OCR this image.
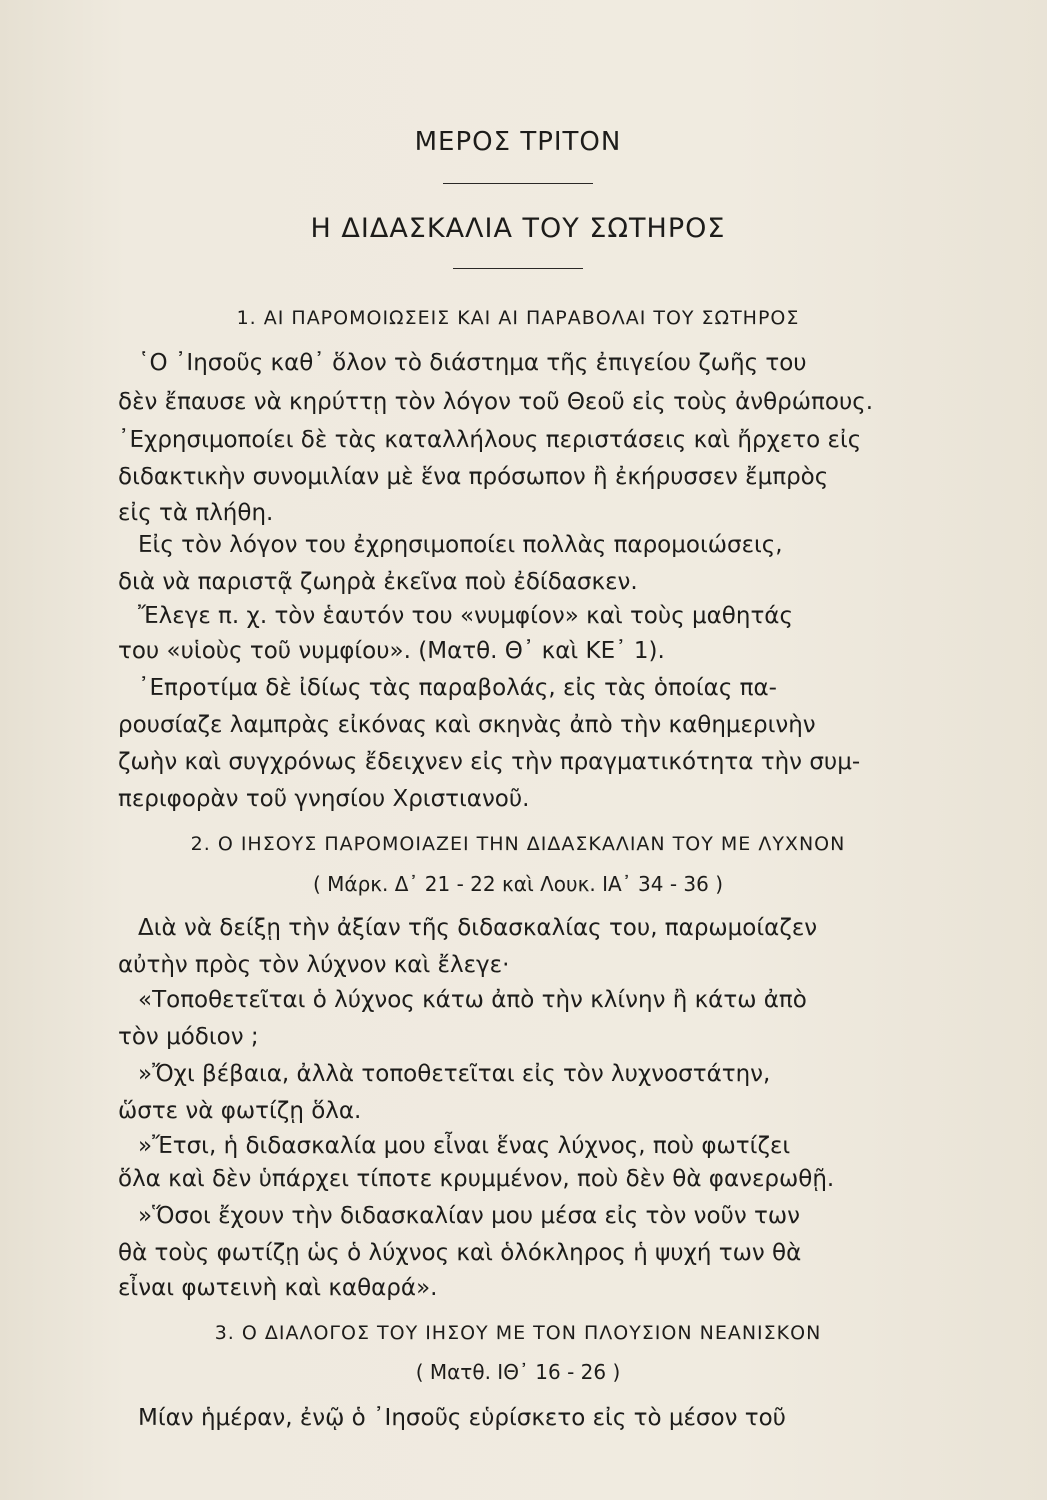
ΜΕΡΟΣ ΤΡΙΤΟΝ
Η ΔΙΔΑΣΚΑΛΙΑ ΤΟΥ ΣΩΤΗΡΟΣ
1. ΑΙ ΠΑΡΟΜΟΙΩΣΕΙΣ ΚΑΙ ΑΙ ΠΑΡΑΒΟΛΑΙ ΤΟΥ ΣΩΤΗΡΟΣ
῾Ο ᾽Ιησοῦς καθ᾽ ὅλον τὸ διάστημα τῆς ἐπιγείου ζωῆς του
δὲν ἔπαυσε νὰ κηρύττῃ τὸν λόγον τοῦ Θεοῦ εἰς τοὺς ἀνθρώπους.
᾽Εχρησιμοποίει δὲ τὰς καταλλήλους περιστάσεις καὶ ἤρχετο εἰς
διδακτικὴν συνομιλίαν μὲ ἕνα πρόσωπον ἢ ἐκήρυσσεν ἔμπρὸς
εἰς τὰ πλήθη.
Εἰς τὸν λόγον του ἐχρησιμοποίει πολλὰς παρομοιώσεις,
διὰ νὰ παριστᾷ ζωηρὰ ἐκεῖνα ποὺ ἐδίδασκεν.
Ἔλεγε π. χ. τὸν ἑαυτόν του «νυμφίον» καὶ τοὺς μαθητάς
του «υἱοὺς τοῦ νυμφίου». (Ματθ. Θ᾽ καὶ ΚΕ᾽ 1).
᾽Επροτίμα δὲ ἰδίως τὰς παραβολάς, εἰς τὰς ὁποίας πα-
ρουσίαζε λαμπρὰς εἰκόνας καὶ σκηνὰς ἀπὸ τὴν καθημερινὴν
ζωὴν καὶ συγχρόνως ἔδειχνεν εἰς τὴν πραγματικότητα τὴν συμ-
περιφορὰν τοῦ γνησίου Χριστιανοῦ.
2. Ο ΙΗΣΟΥΣ ΠΑΡΟΜΟΙΑΖΕΙ ΤΗΝ ΔΙΔΑΣΚΑΛΙΑΝ ΤΟΥ ΜΕ ΛΥΧΝΟΝ
( Μάρκ. Δ᾽ 21 - 22 καὶ Λουκ. ΙΑ᾽ 34 - 36 )
Διὰ νὰ δείξῃ τὴν ἀξίαν τῆς διδασκαλίας του, παρωμοίαζεν
αὐτὴν πρὸς τὸν λύχνον καὶ ἔλεγε·
«Τοποθετεῖται ὁ λύχνος κάτω ἀπὸ τὴν κλίνην ἢ κάτω ἀπὸ
τὸν μόδιον ;
»Ὄχι βέβαια, ἀλλὰ τοποθετεῖται εἰς τὸν λυχνοστάτην,
ὥστε νὰ φωτίζῃ ὅλα.
»Ἔτσι, ἡ διδασκαλία μου εἶναι ἕνας λύχνος, ποὺ φωτίζει
ὅλα καὶ δὲν ὑπάρχει τίποτε κρυμμένον, ποὺ δὲν θὰ φανερωθῇ.
»Ὅσοι ἔχουν τὴν διδασκαλίαν μου μέσα εἰς τὸν νοῦν των
θὰ τοὺς φωτίζῃ ὡς ὁ λύχνος καὶ ὁλόκληρος ἡ ψυχή των θὰ
εἶναι φωτεινὴ καὶ καθαρά».
3. Ο ΔΙΑΛΟΓΟΣ ΤΟΥ ΙΗΣΟΥ ΜΕ ΤΟΝ ΠΛΟΥΣΙΟΝ ΝΕΑΝΙΣΚΟΝ
( Ματθ. ΙΘ᾽ 16 - 26 )
Μίαν ἡμέραν, ἐνῷ ὁ ᾽Ιησοῦς εὑρίσκετο εἰς τὸ μέσον τοῦ
